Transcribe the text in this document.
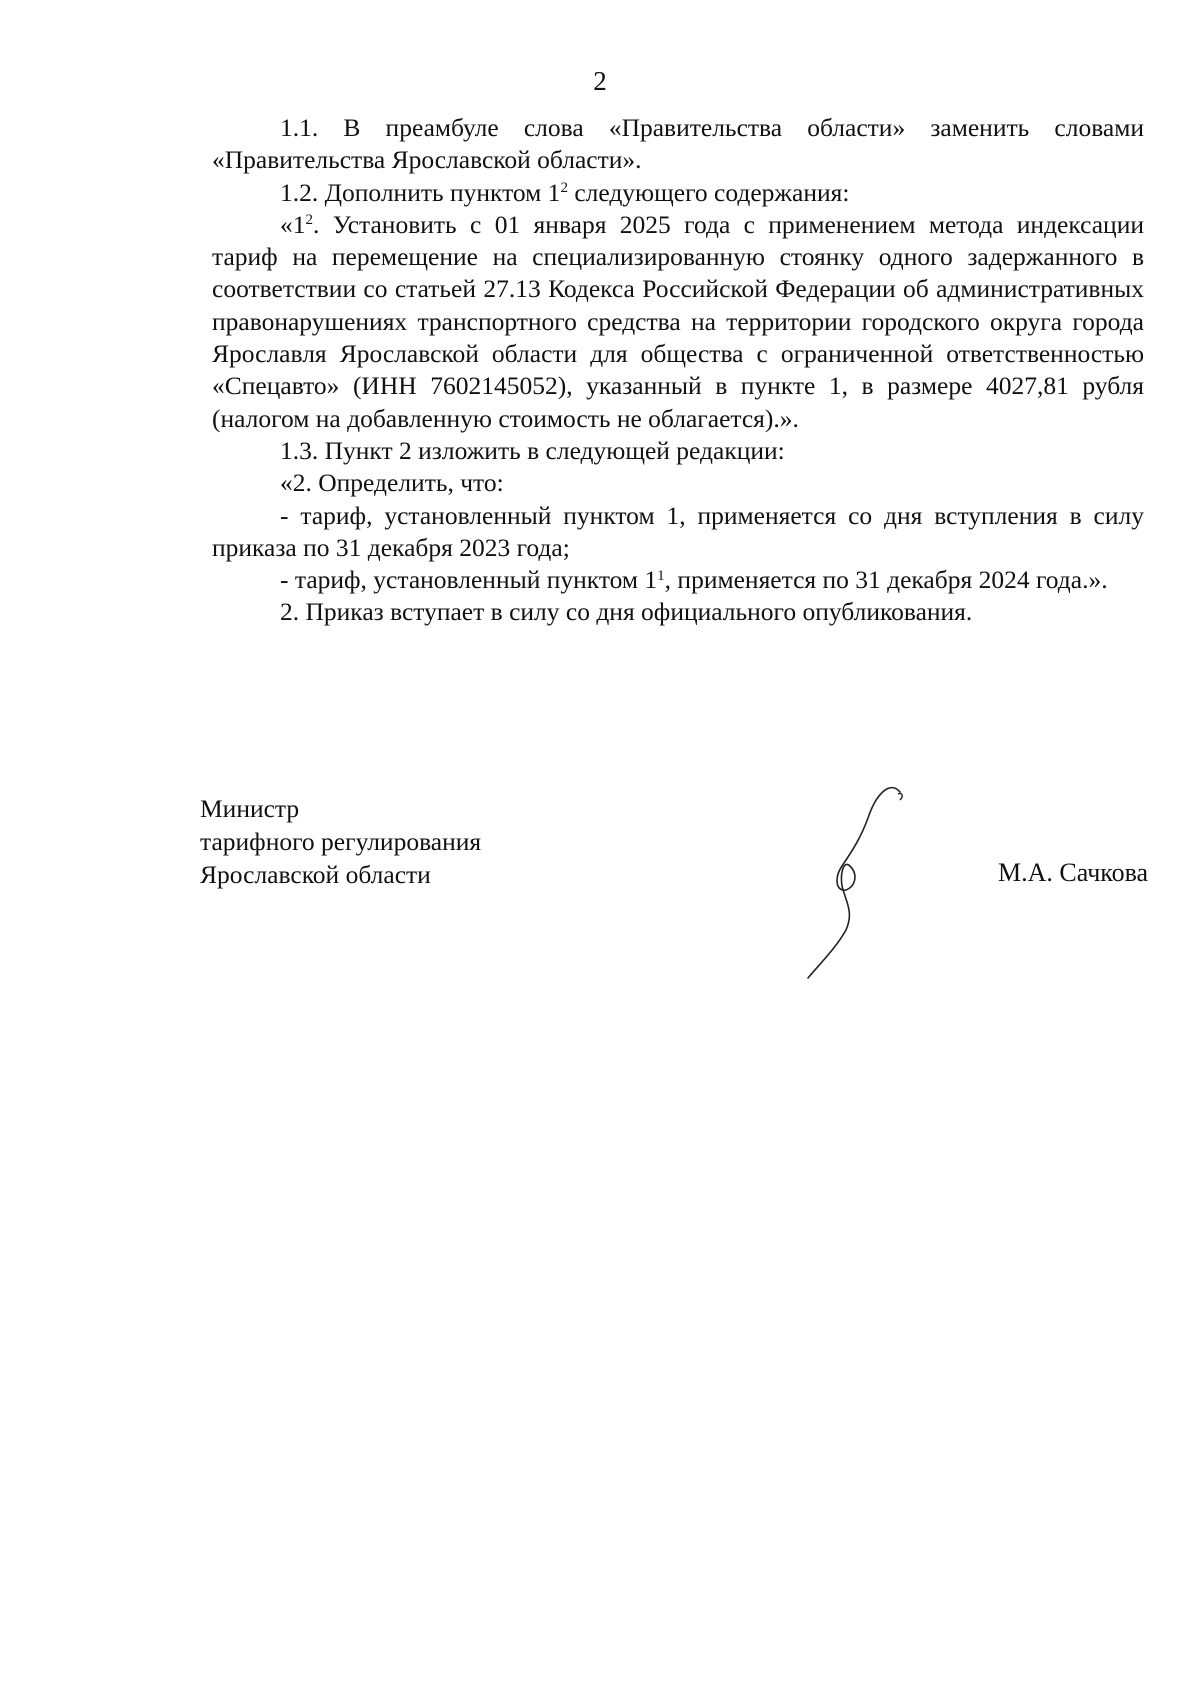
2

1.1. В преамбуле слова «Правительства области» заменить словами «Правительства Ярославской области».

1.2. Дополнить пунктом $1^2$ следующего содержания:

«$1^2$. Установить с 01 января 2025 года с применением метода индексации тариф на перемещение на специализированную стоянку одного задержанного в соответствии со статьей 27.13 Кодекса Российской Федерации об административных правонарушениях транспортного средства на территории городского округа города Ярославля Ярославской области для общества с ограниченной ответственностью «Спецавто» (ИНН 7602145052), указанный в пункте 1, в размере 4027,81 рубля (налогом на добавленную стоимость не облагается).».

1.3. Пункт 2 изложить в следующей редакции:

«2. Определить, что:

- тариф, установленный пунктом 1, применяется со дня вступления в силу приказа по 31 декабря 2023 года;

- тариф, установленный пунктом $1^1$, применяется по 31 декабря 2024 года.».

2. Приказ вступает в силу со дня официального опубликования.

Министр
тарифного регулирования
Ярославской области	М.А. Сачкова
